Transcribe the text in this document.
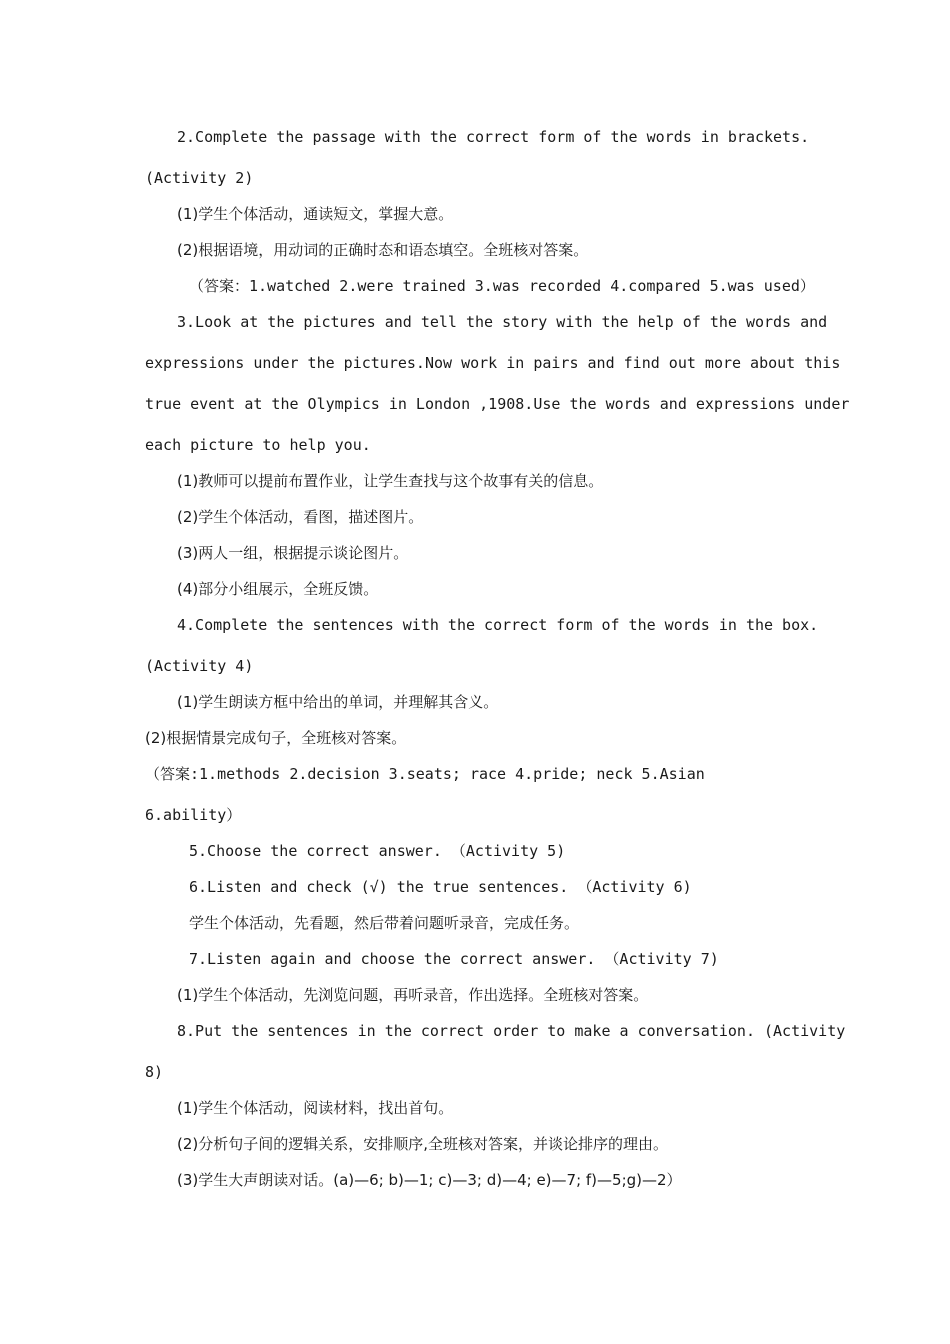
2.Complete the passage with the correct form of the words in brackets.
(Activity 2)
(1)学生个体活动，通读短文，掌握大意。
(2)根据语境，用动词的正确时态和语态填空。全班核对答案。
（答案：1.watched 2.were trained 3.was recorded 4.compared 5.was used）
3.Look at the pictures and tell the story with the help of the words and
expressions under the pictures.Now work in pairs and find out more about this
true event at the Olympics in London ,1908.Use the words and expressions under
each picture to help you.
(1)教师可以提前布置作业，让学生查找与这个故事有关的信息。
(2)学生个体活动，看图，描述图片。
(3)两人一组，根据提示谈论图片。
(4)部分小组展示，全班反馈。
4.Complete the sentences with the correct form of the words in the box.
(Activity 4)
(1)学生朗读方框中给出的单词，并理解其含义。
(2)根据情景完成句子，全班核对答案。
（答案:1.methods 2.decision 3.seats; race 4.pride; neck 5.Asian
6.ability）
5.Choose the correct answer. （Activity 5)
6.Listen and check (√) the true sentences. （Activity 6)
学生个体活动，先看题，然后带着问题听录音，完成任务。
7.Listen again and choose the correct answer. （Activity 7)
(1)学生个体活动，先浏览问题，再听录音，作出选择。全班核对答案。
8.Put the sentences in the correct order to make a conversation. (Activity
8)
(1)学生个体活动，阅读材料，找出首句。
(2)分析句子间的逻辑关系，安排顺序,全班核对答案，并谈论排序的理由。
(3)学生大声朗读对话。(a)—6; b)—1; c)—3; d)—4; e)—7; f)—5;g)—2）
